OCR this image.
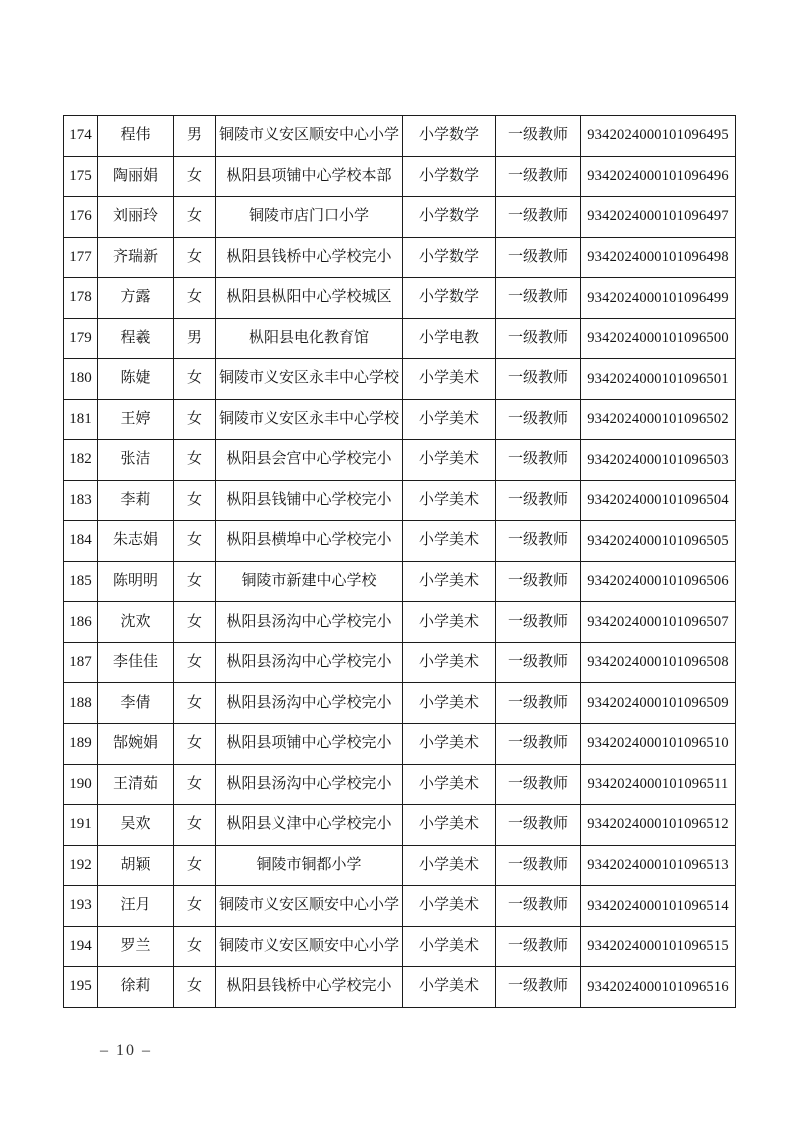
174	程伟	男	铜陵市义安区顺安中心小学	小学数学	一级教师	9342024000101096495
175	陶丽娟	女	枞阳县项铺中心学校本部	小学数学	一级教师	9342024000101096496
176	刘丽玲	女	铜陵市店门口小学	小学数学	一级教师	9342024000101096497
177	齐瑞新	女	枞阳县钱桥中心学校完小	小学数学	一级教师	9342024000101096498
178	方露	女	枞阳县枞阳中心学校城区	小学数学	一级教师	9342024000101096499
179	程羲	男	枞阳县电化教育馆	小学电教	一级教师	9342024000101096500
180	陈婕	女	铜陵市义安区永丰中心学校	小学美术	一级教师	9342024000101096501
181	王婷	女	铜陵市义安区永丰中心学校	小学美术	一级教师	9342024000101096502
182	张洁	女	枞阳县会宫中心学校完小	小学美术	一级教师	9342024000101096503
183	李莉	女	枞阳县钱铺中心学校完小	小学美术	一级教师	9342024000101096504
184	朱志娟	女	枞阳县横埠中心学校完小	小学美术	一级教师	9342024000101096505
185	陈明明	女	铜陵市新建中心学校	小学美术	一级教师	9342024000101096506
186	沈欢	女	枞阳县汤沟中心学校完小	小学美术	一级教师	9342024000101096507
187	李佳佳	女	枞阳县汤沟中心学校完小	小学美术	一级教师	9342024000101096508
188	李倩	女	枞阳县汤沟中心学校完小	小学美术	一级教师	9342024000101096509
189	郜婉娟	女	枞阳县项铺中心学校完小	小学美术	一级教师	9342024000101096510
190	王清茹	女	枞阳县汤沟中心学校完小	小学美术	一级教师	9342024000101096511
191	吴欢	女	枞阳县义津中心学校完小	小学美术	一级教师	9342024000101096512
192	胡颖	女	铜陵市铜都小学	小学美术	一级教师	9342024000101096513
193	汪月	女	铜陵市义安区顺安中心小学	小学美术	一级教师	9342024000101096514
194	罗兰	女	铜陵市义安区顺安中心小学	小学美术	一级教师	9342024000101096515
195	徐莉	女	枞阳县钱桥中心学校完小	小学美术	一级教师	9342024000101096516
– 10 –
